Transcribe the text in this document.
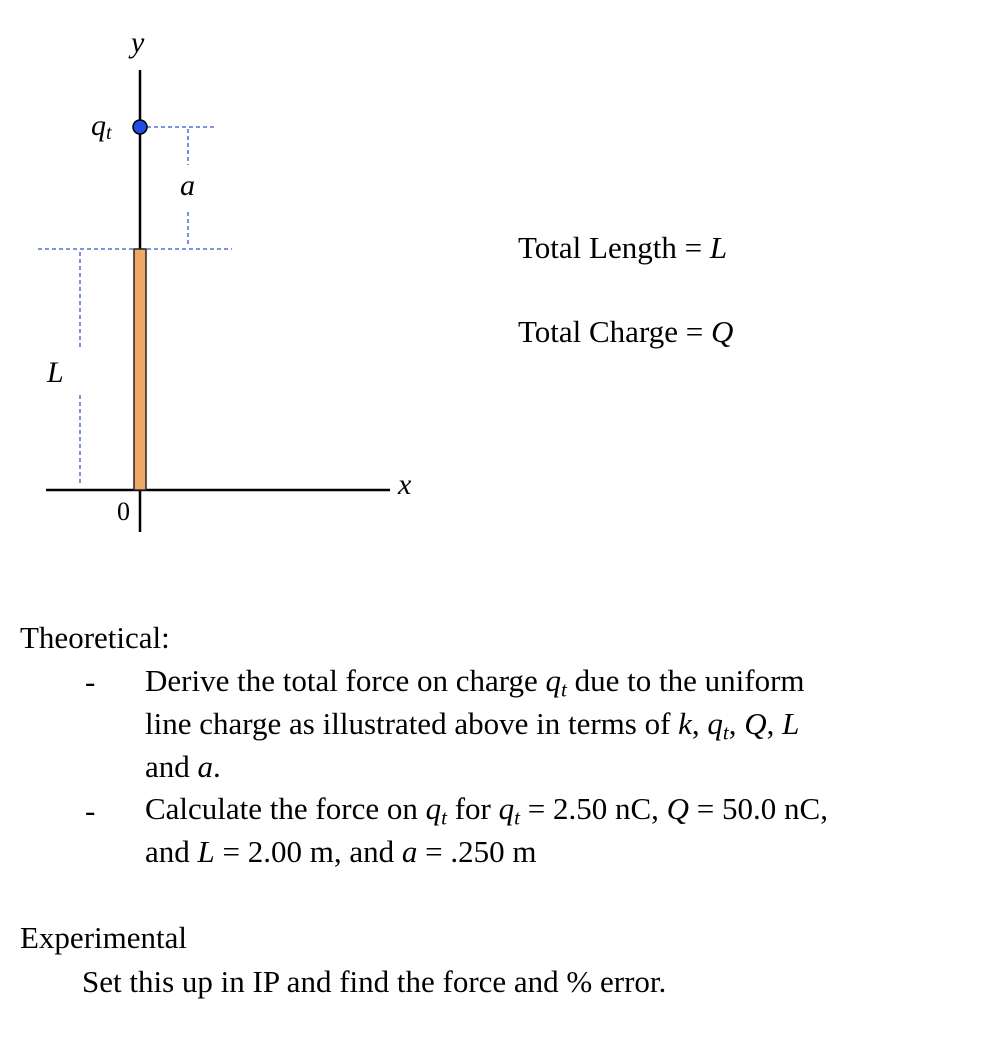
y
x
0
qt
a
L
Total Length = L
Total Charge = Q
Theoretical:
- Derive the total force on charge $q_t$ due to the uniform
line charge as illustrated above in terms of k, $q_t$, Q, L
and a.
- Calculate the force on $q_t$ for $q_t = 2.50$ nC, Q = 50.0 nC,
and L = 2.00 m, and a = .250 m
Experimental
Set this up in IP and find the force and % error.
